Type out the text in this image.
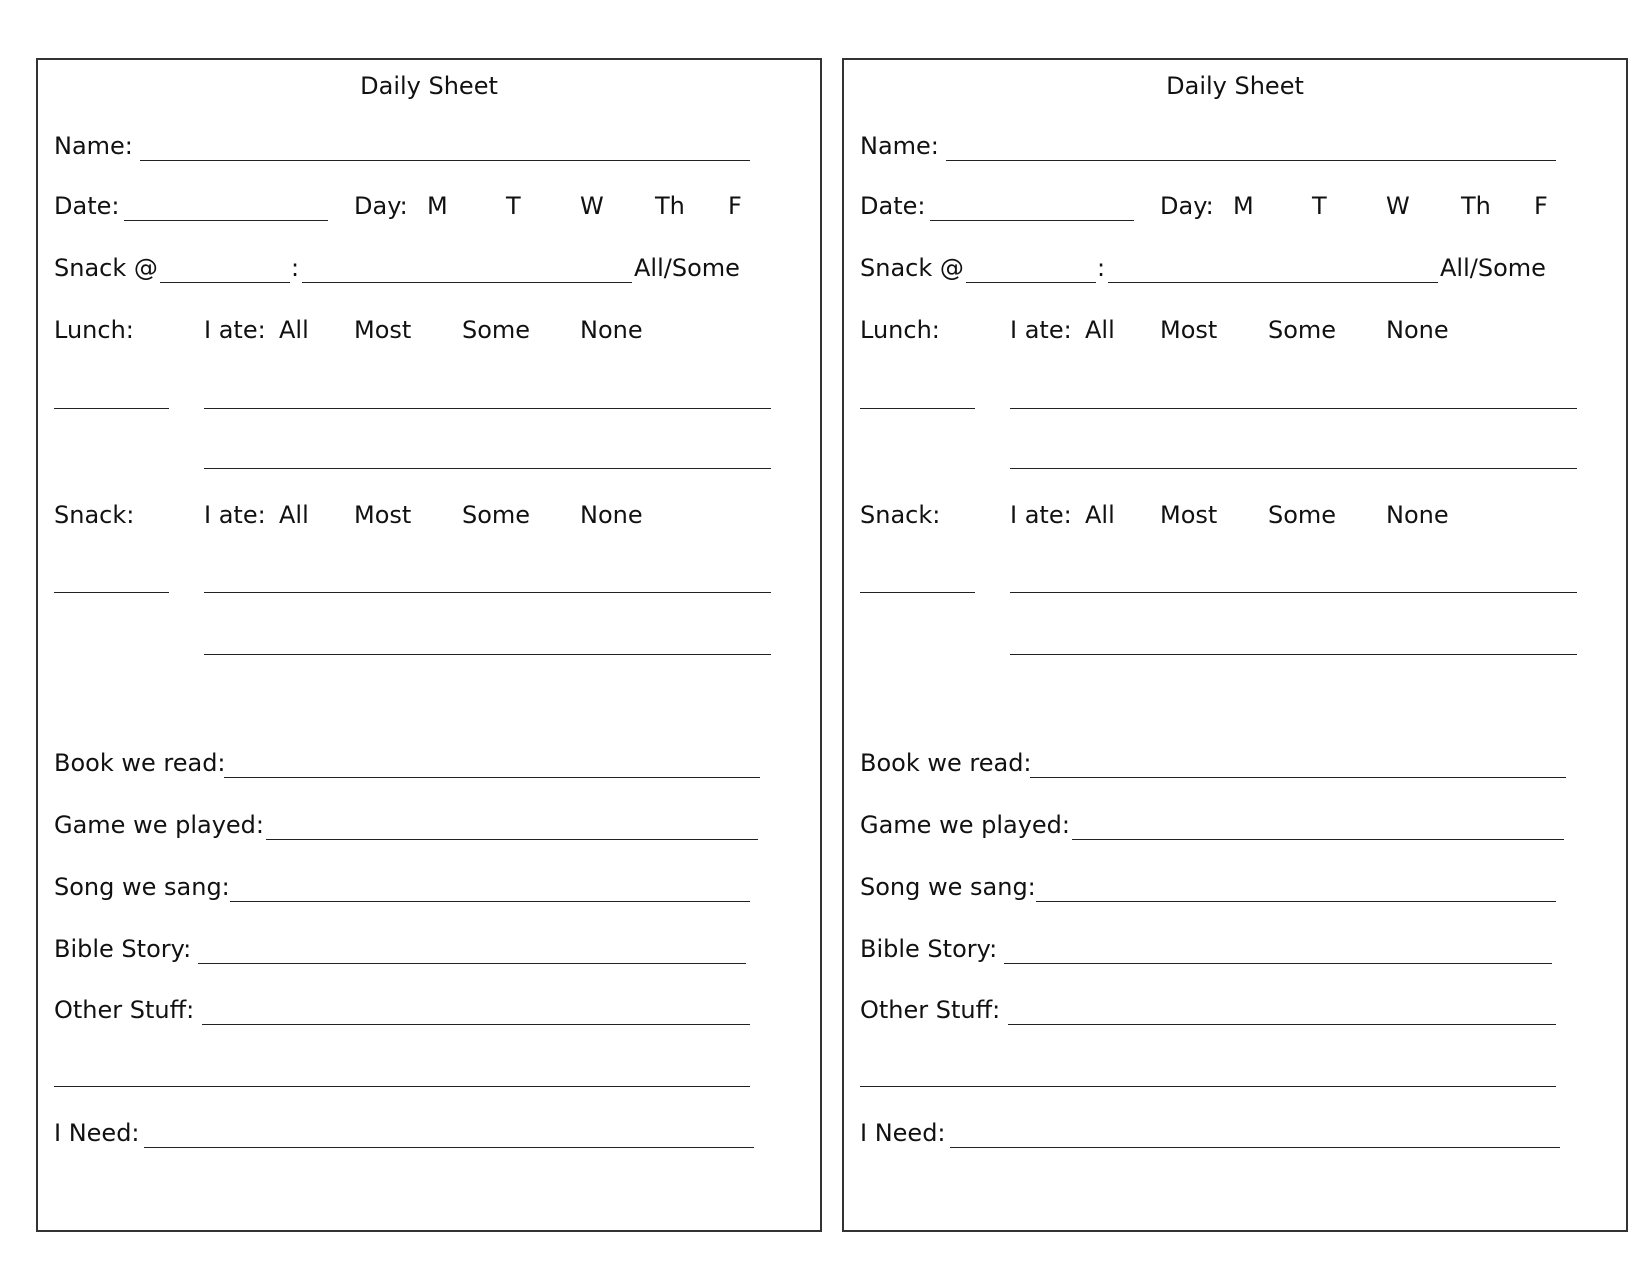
Daily Sheet
Name:
Date:	Day: M T W Th F
Snack @	:	All/Some
Lunch:	I ate: All Most Some None
Snack:	I ate: All Most Some None
Book we read:
Game we played:
Song we sang:
Bible Story:
Other Stuff:
I Need:
Daily Sheet
Name:
Date:	Day: M T W Th F
Snack @	:	All/Some
Lunch:	I ate: All Most Some None
Snack:	I ate: All Most Some None
Book we read:
Game we played:
Song we sang:
Bible Story:
Other Stuff:
I Need:
